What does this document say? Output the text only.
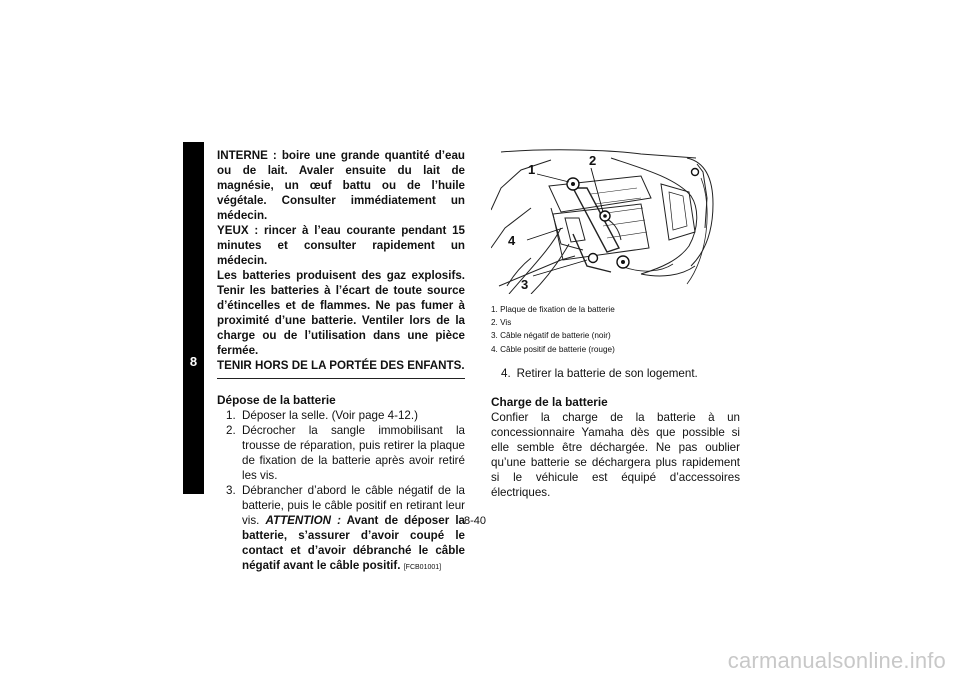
8

INTERNE : boire une grande quantité d’eau ou de lait. Avaler ensuite du lait de magnésie, un œuf battu ou de l’huile végétale. Consulter immédiatement un médecin.

YEUX : rincer à l’eau courante pendant 15 minutes et consulter rapidement un médecin.

Les batteries produisent des gaz explosifs. Tenir les batteries à l’écart de toute source d’étincelles et de flammes. Ne pas fumer à proximité d’une batterie. Ventiler lors de la charge ou de l’utilisation dans une pièce fermée.

TENIR HORS DE LA PORTÉE DES ENFANTS.

Dépose de la batterie
1. Déposer la selle. (Voir page 4-12.)
2. Décrocher la sangle immobilisant la trousse de réparation, puis retirer la plaque de fixation de la batterie après avoir retiré les vis.
3. Débrancher d’abord le câble négatif de la batterie, puis le câble positif en retirant leur vis. ATTENTION : Avant de déposer la batterie, s’assurer d’avoir coupé le contact et d’avoir débranché le câble négatif avant le câble positif. [FCB01001]
1
2
3
4
1. Plaque de fixation de la batterie
2. Vis
3. Câble négatif de batterie (noir)
4. Câble positif de batterie (rouge)
4. Retirer la batterie de son logement.
Charge de la batterie

Confier la charge de la batterie à un concessionnaire Yamaha dès que possible si elle semble être déchargée. Ne pas oublier qu’une batterie se déchargera plus rapidement si le véhicule est équipé d’accessoires électriques.

8-40
carmanualsonline.info
